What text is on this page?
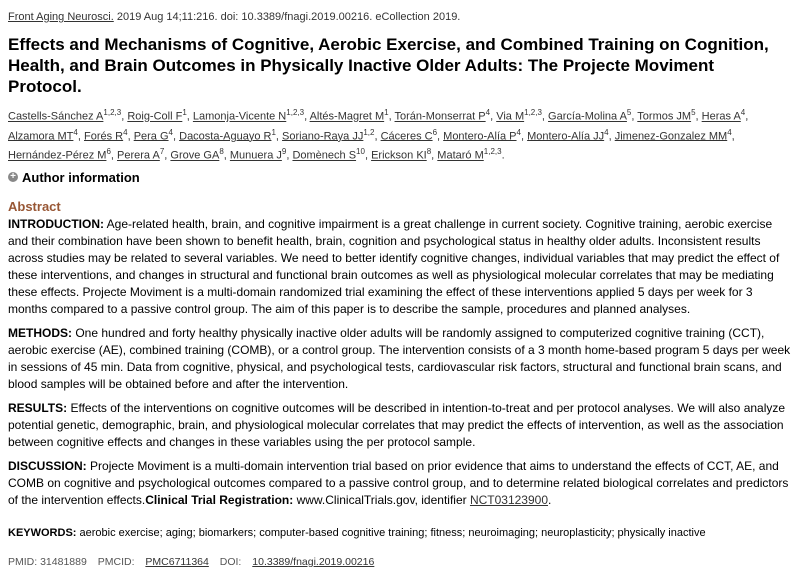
Front Aging Neurosci. 2019 Aug 14;11:216. doi: 10.3389/fnagi.2019.00216. eCollection 2019.
Effects and Mechanisms of Cognitive, Aerobic Exercise, and Combined Training on Cognition, Health, and Brain Outcomes in Physically Inactive Older Adults: The Projecte Moviment Protocol.
Castells-Sánchez A$^{1,2,3}$, Roig-Coll $F^1$, Lamonja-Vicente N$^{1,2,3}$, Altés-Magret $M^1$, Torán-Monserrat $P^4$, Via M$^{1,2,3}$, García-Molina $A^5$, Tormos $JM^5$, Heras $A^4$, Alzamora $MT^4$, Forés $R^4$, Pera $G^4$, Dacosta-Aguayo $R^1$, Soriano-Raya JJ$^{1,2}$, Cáceres $C^6$, Montero-Alía $P^4$, Montero-Alía $JJ^4$, Jimenez-Gonzalez $MM^4$, Hernández-Pérez $M^6$, Perera $A^7$, Grove $GA^8$, Munuera $J^9$, Domènech $S^{10}$, Erickson $KI^8$, Mataró M$^{1,2,3}$.
+ Author information
Abstract

INTRODUCTION: Age-related health, brain, and cognitive impairment is a great challenge in current society. Cognitive training, aerobic exercise and their combination have been shown to benefit health, brain, cognition and psychological status in healthy older adults. Inconsistent results across studies may be related to several variables. We need to better identify cognitive changes, individual variables that may predict the effect of these interventions, and changes in structural and functional brain outcomes as well as physiological molecular correlates that may be mediating these effects. Projecte Moviment is a multi-domain randomized trial examining the effect of these interventions applied 5 days per week for 3 months compared to a passive control group. The aim of this paper is to describe the sample, procedures and planned analyses.

METHODS: One hundred and forty healthy physically inactive older adults will be randomly assigned to computerized cognitive training (CCT), aerobic exercise (AE), combined training (COMB), or a control group. The intervention consists of a 3 month home-based program 5 days per week in sessions of 45 min. Data from cognitive, physical, and psychological tests, cardiovascular risk factors, structural and functional brain scans, and blood samples will be obtained before and after the intervention.

RESULTS: Effects of the interventions on cognitive outcomes will be described in intention-to-treat and per protocol analyses. We will also analyze potential genetic, demographic, brain, and physiological molecular correlates that may predict the effects of intervention, as well as the association between cognitive effects and changes in these variables using the per protocol sample.

DISCUSSION: Projecte Moviment is a multi-domain intervention trial based on prior evidence that aims to understand the effects of CCT, AE, and COMB on cognitive and psychological outcomes compared to a passive control group, and to determine related biological correlates and predictors of the intervention effects.Clinical Trial Registration: www.ClinicalTrials.gov, identifier NCT03123900.

KEYWORDS: aerobic exercise; aging; biomarkers; computer-based cognitive training; fitness; neuroimaging; neuroplasticity; physically inactive
PMID: 31481889 PMCID: PMC6711364 DOI: 10.3389/fnagi.2019.00216
